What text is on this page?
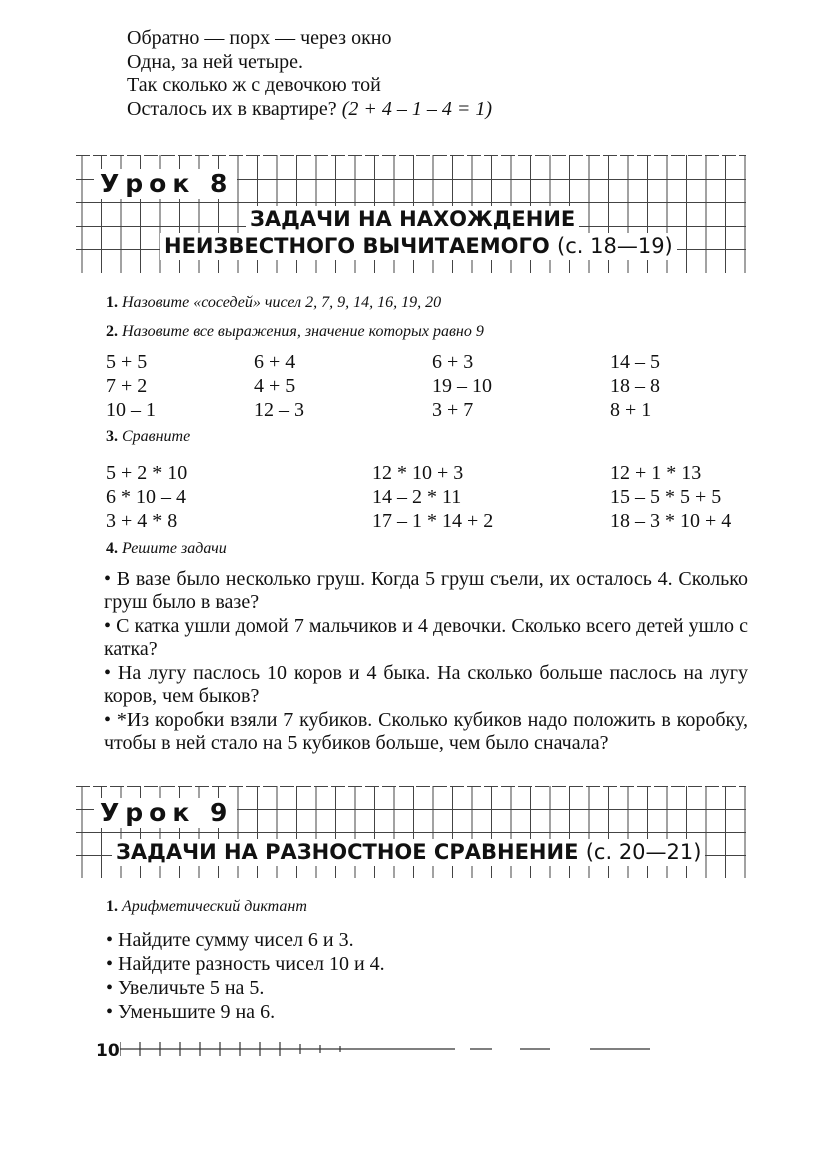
Обратно — порх — через окно
Одна, за ней четыре.
Так сколько ж с девочкою той
Осталось их в квартире? (2 + 4 – 1 – 4 = 1)
Урок 8
ЗАДАЧИ НА НАХОЖДЕНИЕ
НЕИЗВЕСТНОГО ВЫЧИТАЕМОГО (с. 18—19)
1. Назовите «соседей» чисел 2, 7, 9, 14, 16, 19, 20
2. Назовите все выражения, значение которых равно 9
5 + 5	6 + 4	6 + 3	14 – 5
7 + 2	4 + 5	19 – 10	18 – 8
10 – 1	12 – 3	3 + 7	8 + 1
3. Сравните
5 + 2 * 10	12 * 10 + 3	12 + 1 * 13
6 * 10 – 4	14 – 2 * 11	15 – 5 * 5 + 5
3 + 4 * 8	17 – 1 * 14 + 2	18 – 3 * 10 + 4
4. Решите задачи
• В вазе было несколько груш. Когда 5 груш съели, их осталось 4. Сколько груш было в вазе?
• С катка ушли домой 7 мальчиков и 4 девочки. Сколько всего детей ушло с катка?
• На лугу паслось 10 коров и 4 быка. На сколько больше паслось на лугу коров, чем быков?
• *Из коробки взяли 7 кубиков. Сколько кубиков надо положить в коробку, чтобы в ней стало на 5 кубиков больше, чем было сначала?
Урок 9
ЗАДАЧИ НА РАЗНОСТНОЕ СРАВНЕНИЕ (с. 20—21)
1. Арифметический диктант
• Найдите сумму чисел 6 и 3.
• Найдите разность чисел 10 и 4.
• Увеличьте 5 на 5.
• Уменьшите 9 на 6.
10
